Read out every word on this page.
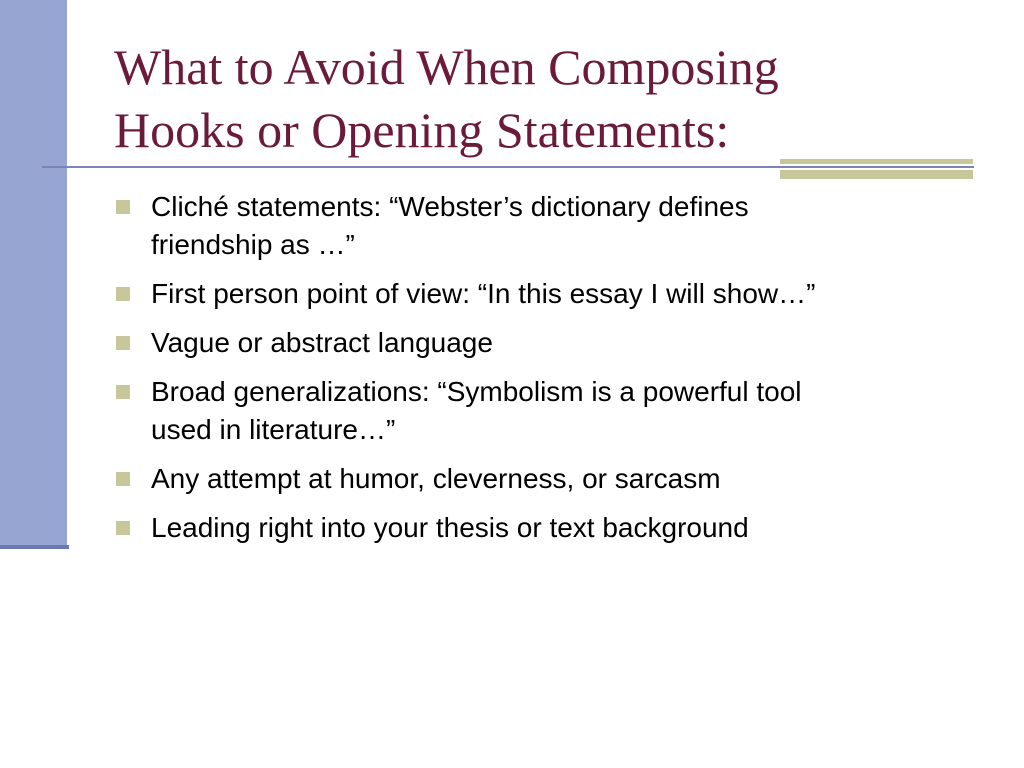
What to Avoid When Composing
Hooks or Opening Statements:
Cliché statements: “Webster’s dictionary defines
friendship as …”
First person point of view: “In this essay I will show…”
Vague or abstract language
Broad generalizations: “Symbolism is a powerful tool
used in literature…”
Any attempt at humor, cleverness, or sarcasm
Leading right into your thesis or text background
